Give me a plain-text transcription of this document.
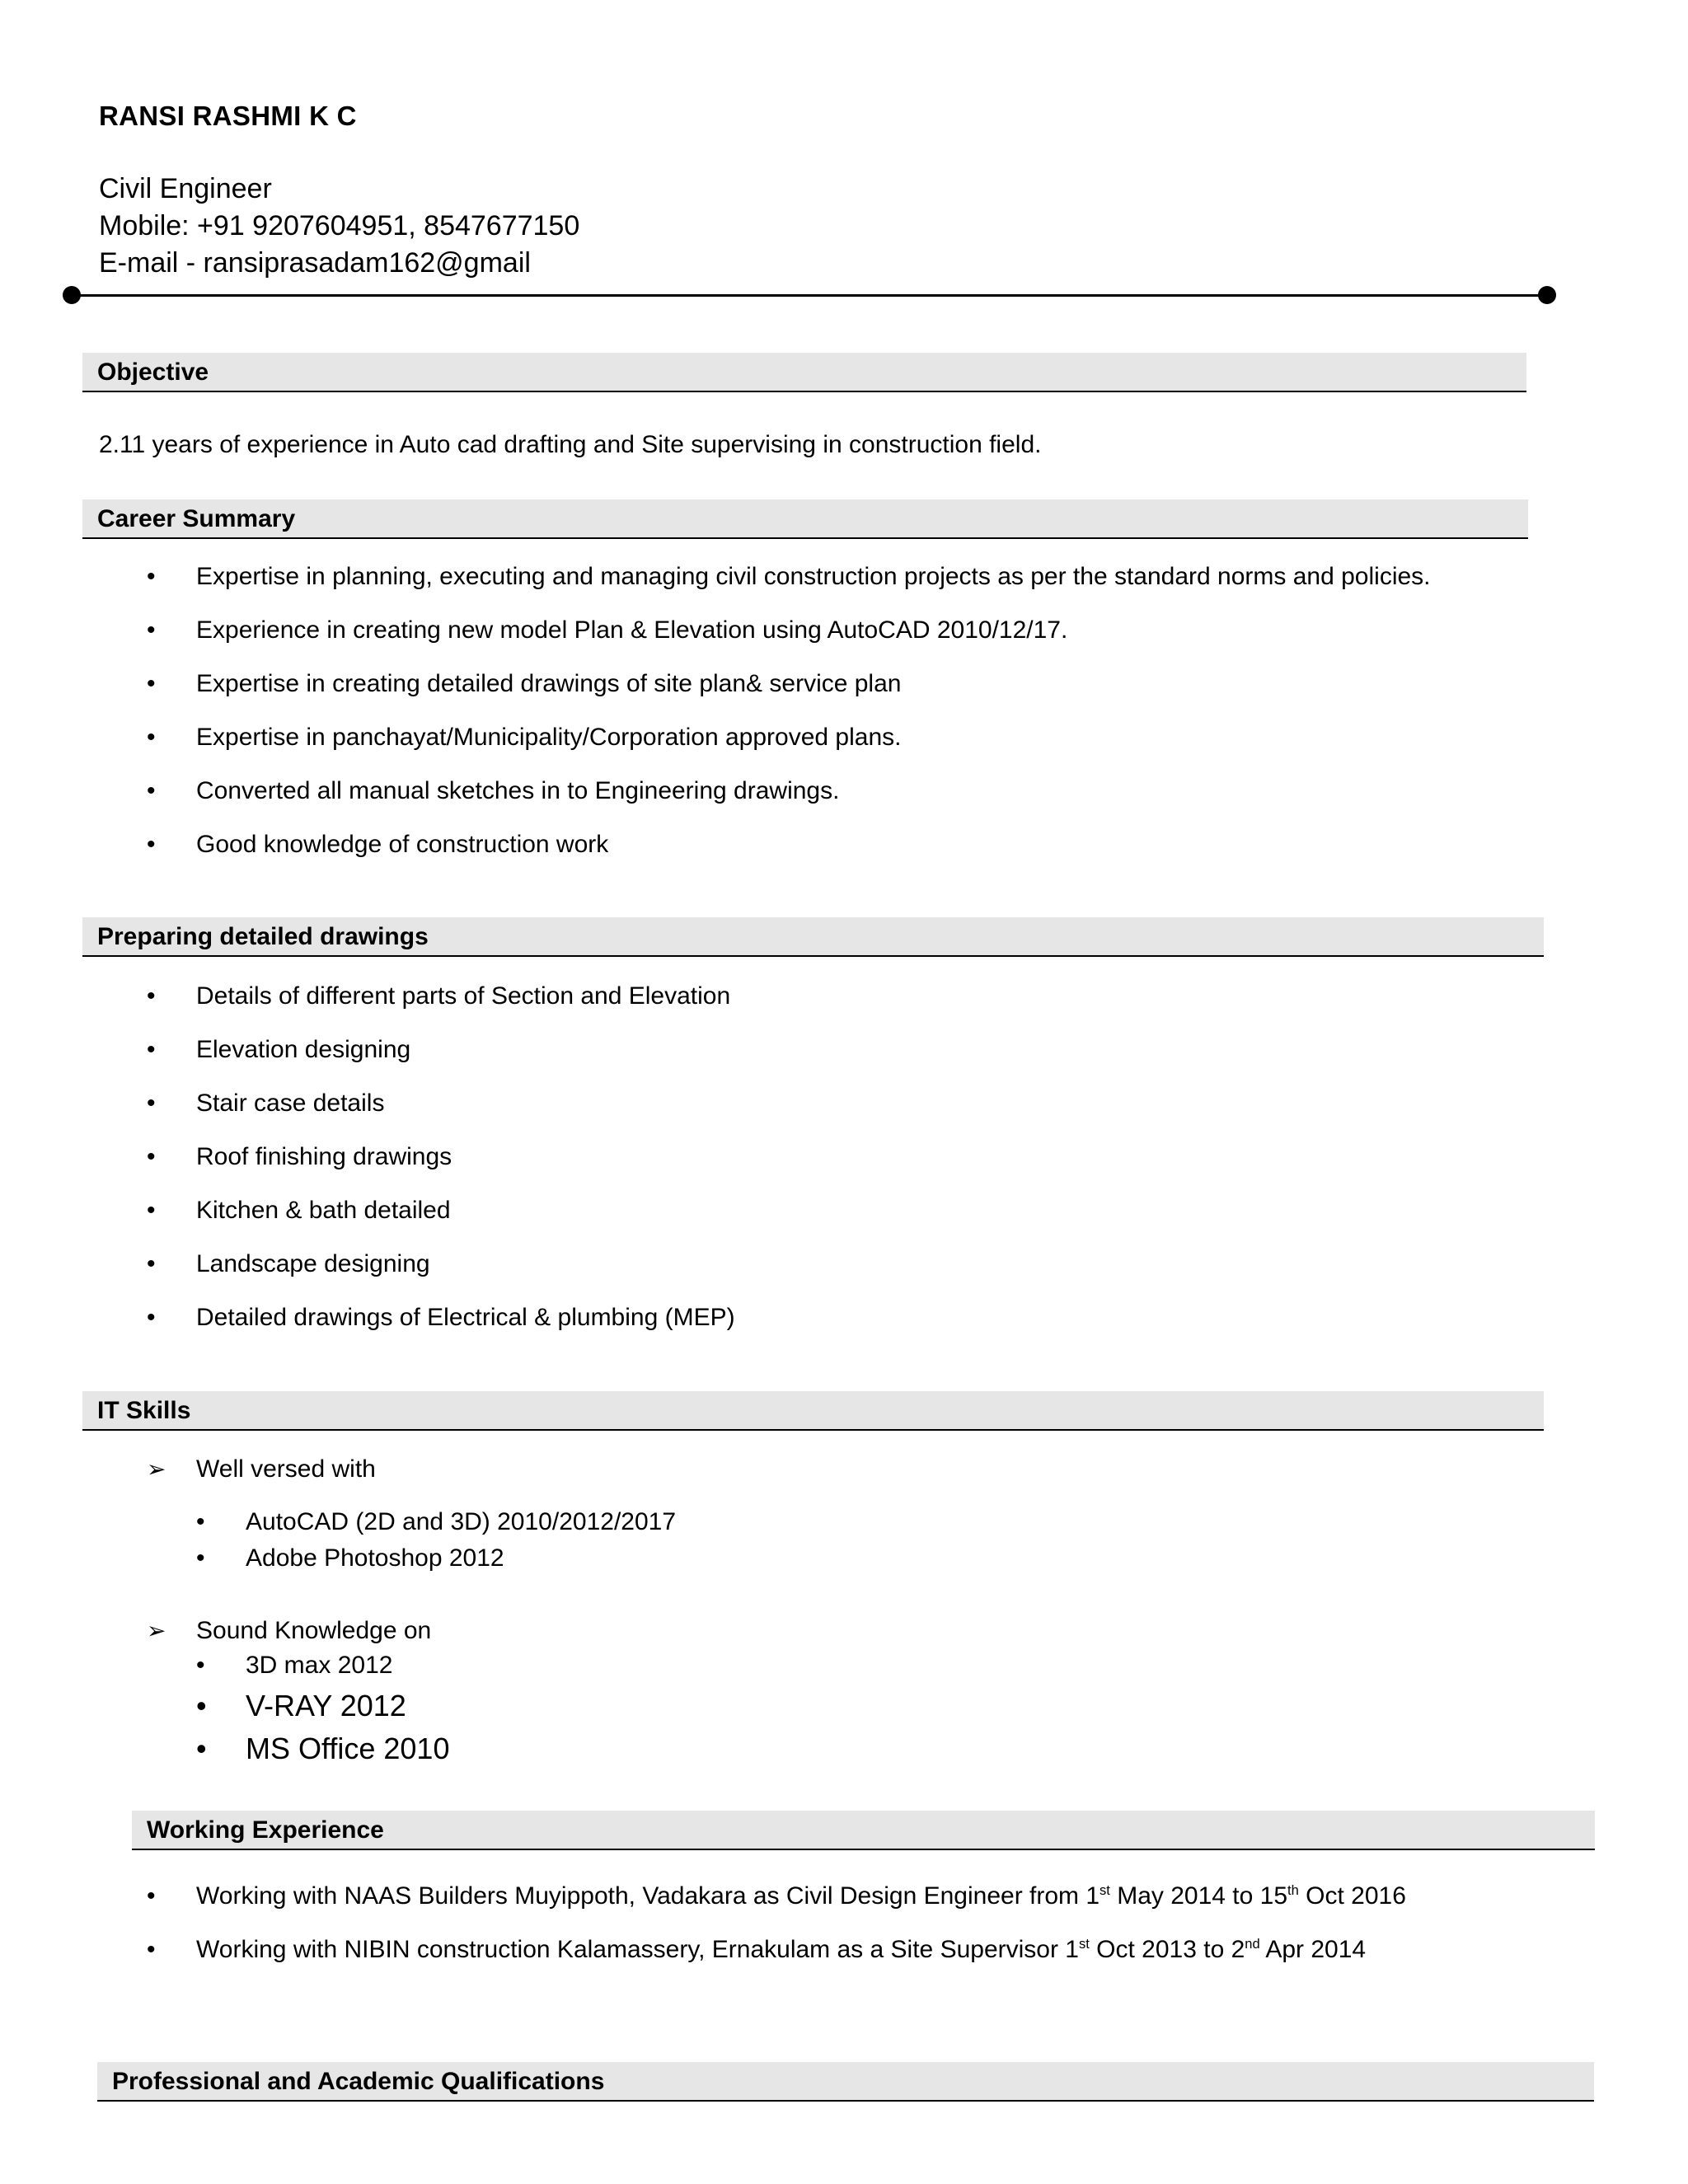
RANSI RASHMI K C
Civil Engineer
Mobile: +91 9207604951, 8547677150
E-mail - ransiprasadam162@gmail
Objective
2.11 years of experience in Auto cad drafting and Site supervising in construction field.
Career Summary
• Expertise in planning, executing and managing civil construction projects as per the standard norms and policies.
• Experience in creating new model Plan & Elevation using AutoCAD 2010/12/17.
• Expertise in creating detailed drawings of site plan& service plan
• Expertise in panchayat/Municipality/Corporation approved plans.
• Converted all manual sketches in to Engineering drawings.
• Good knowledge of construction work
Preparing detailed drawings
• Details of different parts of Section and Elevation
• Elevation designing
• Stair case details
• Roof finishing drawings
• Kitchen & bath detailed
• Landscape designing
• Detailed drawings of Electrical & plumbing (MEP)
IT Skills
➢ Well versed with
• AutoCAD (2D and 3D) 2010/2012/2017
• Adobe Photoshop 2012
➢ Sound Knowledge on
• 3D max 2012
• V-RAY 2012
• MS Office 2010
Working Experience
• Working with NAAS Builders Muyippoth, Vadakara as Civil Design Engineer from 1st May 2014 to 15th Oct 2016
• Working with NIBIN construction Kalamassery, Ernakulam as a Site Supervisor 1st Oct 2013 to 2nd Apr 2014
Professional and Academic Qualifications
